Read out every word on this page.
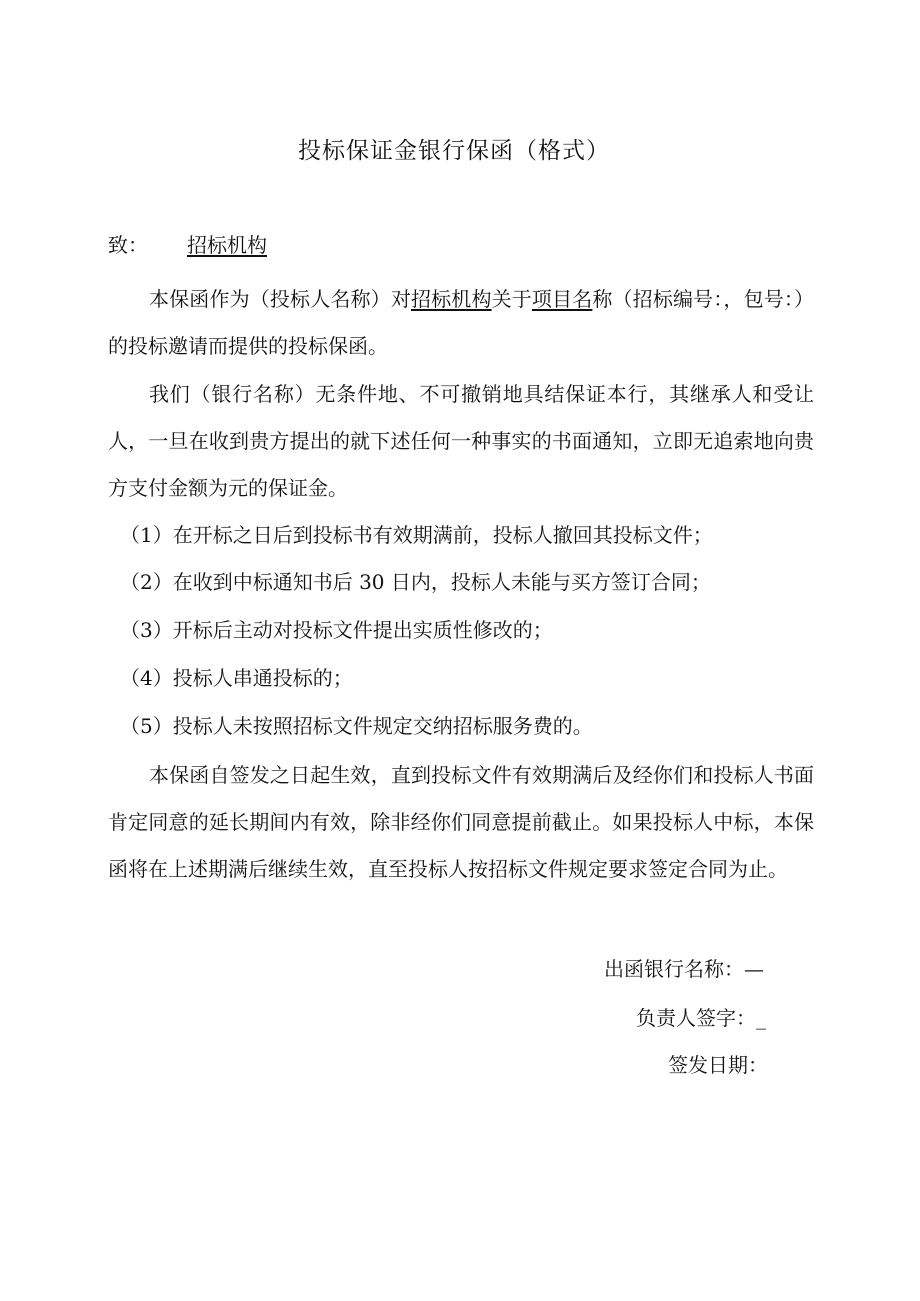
投标保证金银行保函（格式）
致： 招标机构
本保函作为（投标人名称）对招标机构关于项目名称（招标编号：，包号：）的投标邀请而提供的投标保函。
我们（银行名称）无条件地、不可撤销地具结保证本行，其继承人和受让人，一旦在收到贵方提出的就下述任何一种事实的书面通知，立即无追索地向贵方支付金额为元的保证金。
（1）在开标之日后到投标书有效期满前，投标人撤回其投标文件；
（2）在收到中标通知书后 30 日内，投标人未能与买方签订合同；
（3）开标后主动对投标文件提出实质性修改的；
（4）投标人串通投标的；
（5）投标人未按照招标文件规定交纳招标服务费的。
本保函自签发之日起生效，直到投标文件有效期满后及经你们和投标人书面肯定同意的延长期间内有效，除非经你们同意提前截止。如果投标人中标，本保函将在上述期满后继续生效，直至投标人按招标文件规定要求签定合同为止。
出函银行名称：—
负责人签字：_
签发日期：
